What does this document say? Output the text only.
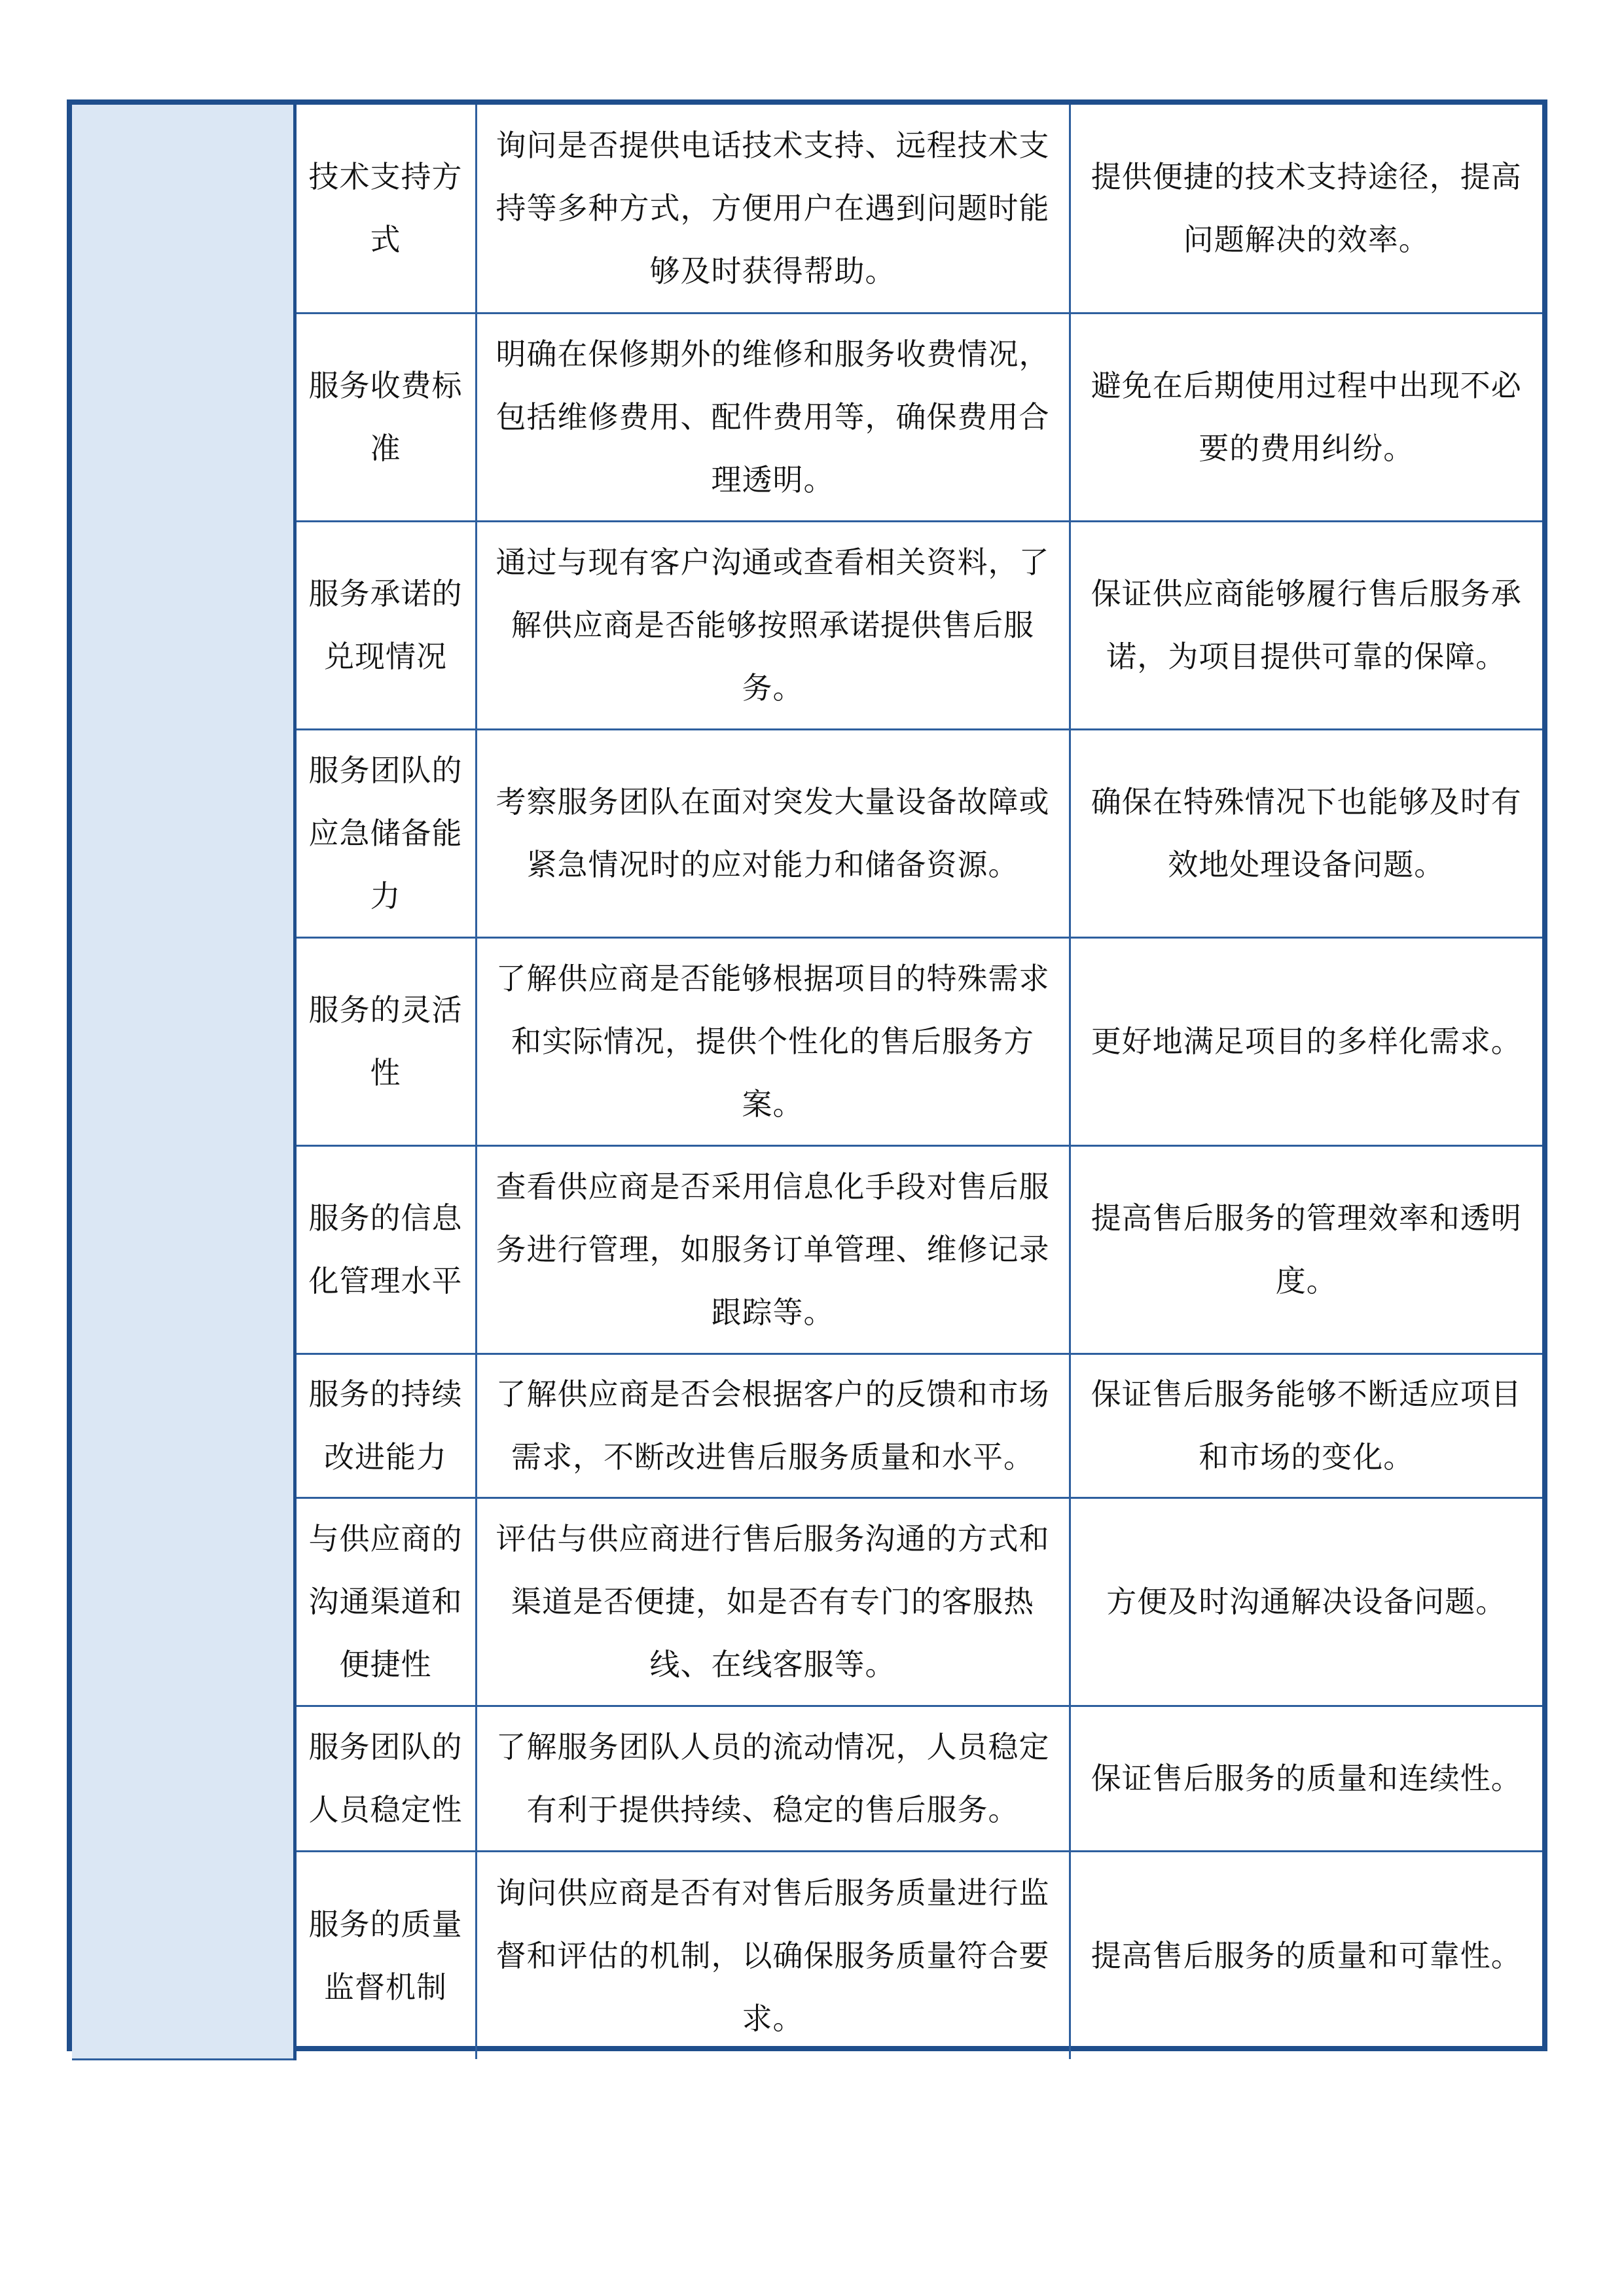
	技术支持方式	询问是否提供电话技术支持、远程技术支持等多种方式，方便用户在遇到问题时能够及时获得帮助。	提供便捷的技术支持途径，提高问题解决的效率。
	服务收费标准	明确在保修期外的维修和服务收费情况，包括维修费用、配件费用等，确保费用合理透明。	避免在后期使用过程中出现不必要的费用纠纷。
	服务承诺的兑现情况	通过与现有客户沟通或查看相关资料，了解供应商是否能够按照承诺提供售后服务。	保证供应商能够履行售后服务承诺，为项目提供可靠的保障。
	服务团队的应急储备能力	考察服务团队在面对突发大量设备故障或紧急情况时的应对能力和储备资源。	确保在特殊情况下也能够及时有效地处理设备问题。
	服务的灵活性	了解供应商是否能够根据项目的特殊需求和实际情况，提供个性化的售后服务方案。	更好地满足项目的多样化需求。
	服务的信息化管理水平	查看供应商是否采用信息化手段对售后服务进行管理，如服务订单管理、维修记录跟踪等。	提高售后服务的管理效率和透明度。
	服务的持续改进能力	了解供应商是否会根据客户的反馈和市场需求，不断改进售后服务质量和水平。	保证售后服务能够不断适应项目和市场的变化。
	与供应商的沟通渠道和便捷性	评估与供应商进行售后服务沟通的方式和渠道是否便捷，如是否有专门的客服热线、在线客服等。	方便及时沟通解决设备问题。
	服务团队的人员稳定性	了解服务团队人员的流动情况，人员稳定有利于提供持续、稳定的售后服务。	保证售后服务的质量和连续性。
	服务的质量监督机制	询问供应商是否有对售后服务质量进行监督和评估的机制，以确保服务质量符合要求。	提高售后服务的质量和可靠性。
